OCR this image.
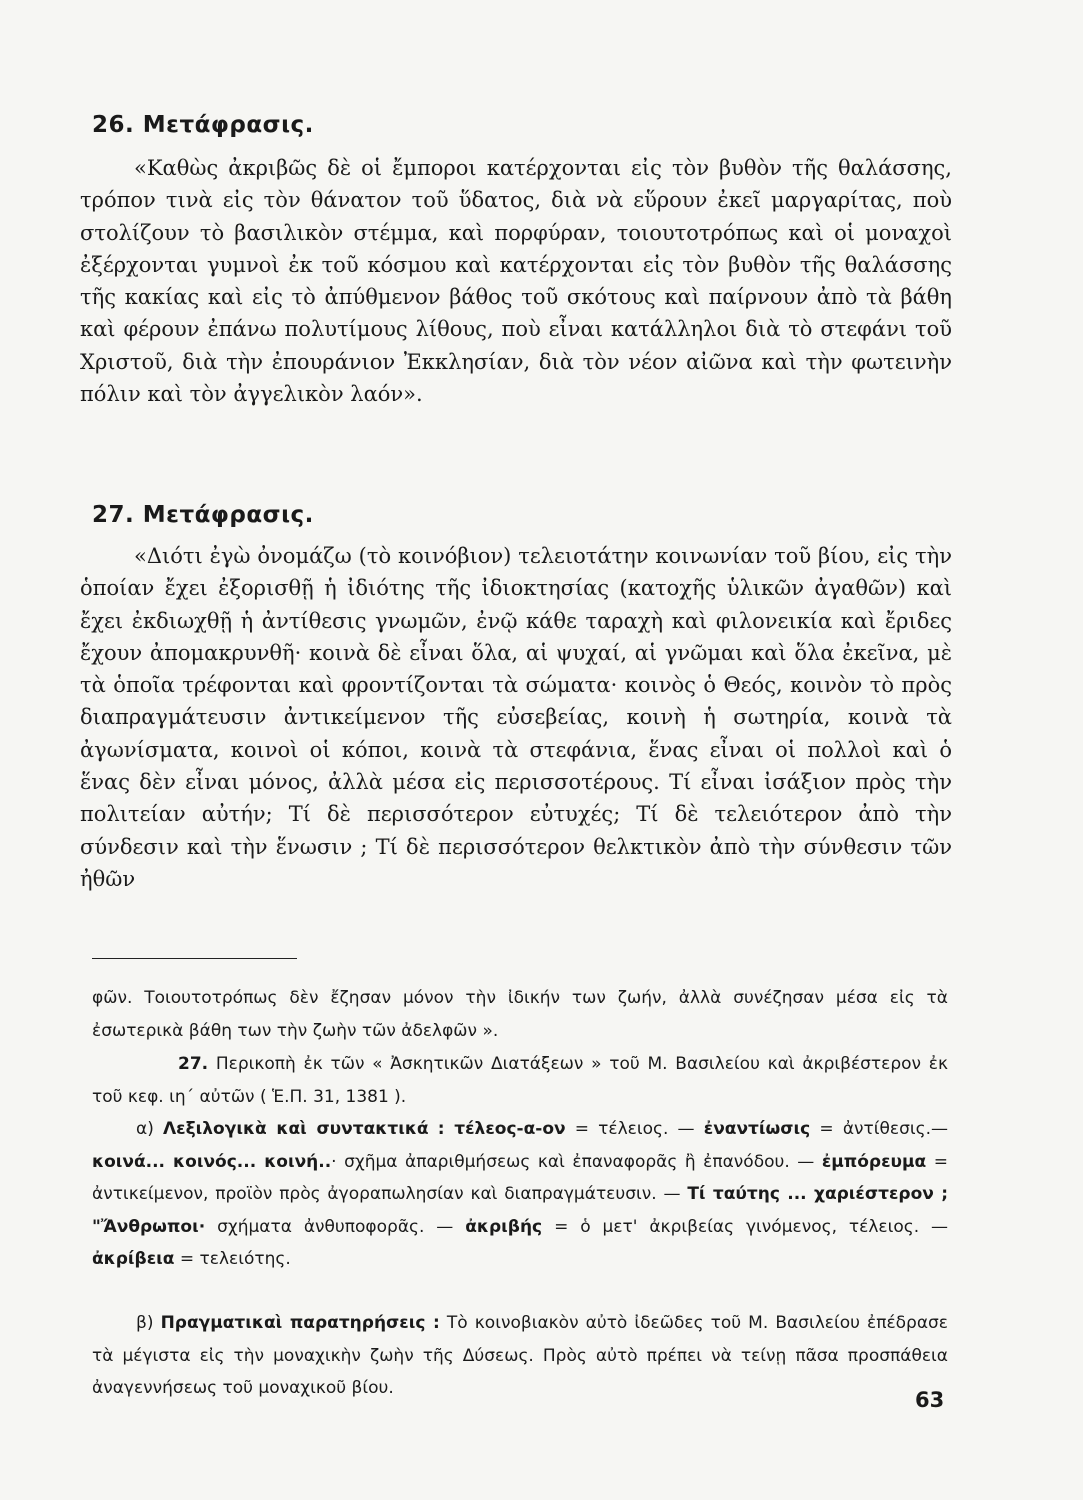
26. Μετάφρασις.

«Καθὼς ἀκριβῶς δὲ οἱ ἔμποροι κατέρχονται εἰς τὸν βυθὸν τῆς θαλάσσης, τρόπον τινὰ εἰς τὸν θάνατον τοῦ ὕδατος, διὰ νὰ εὕρουν ἐκεῖ μαργαρίτας, ποὺ στολίζουν τὸ βασιλικὸν στέμμα, καὶ πορφύραν, τοιουτοτρόπως καὶ οἱ μοναχοὶ ἐξέρχονται γυμνοὶ ἐκ τοῦ κόσμου καὶ κατέρχονται εἰς τὸν βυθὸν τῆς θαλάσσης τῆς κακίας καὶ εἰς τὸ ἀπύθμενον βάθος τοῦ σκότους καὶ παίρνουν ἀπὸ τὰ βάθη καὶ φέρουν ἐπάνω πολυτίμους λίθους, ποὺ εἶναι κατάλληλοι διὰ τὸ στεφάνι τοῦ Χριστοῦ, διὰ τὴν ἐπουράνιον Ἐκκλησίαν, διὰ τὸν νέον αἰῶνα καὶ τὴν φωτεινὴν πόλιν καὶ τὸν ἀγγελικὸν λαόν».

27. Μετάφρασις.

«Διότι ἐγὼ ὀνομάζω (τὸ κοινόβιον) τελειοτάτην κοινωνίαν τοῦ βίου, εἰς τὴν ὁποίαν ἔχει ἐξορισθῇ ἡ ἰδιότης τῆς ἰδιοκτησίας (κατοχῆς ὑλικῶν ἀγαθῶν) καὶ ἔχει ἐκδιωχθῇ ἡ ἀντίθεσις γνωμῶν, ἐνῷ κάθε ταραχὴ καὶ φιλονεικία καὶ ἔριδες ἔχουν ἀπομακρυνθῆ· κοινὰ δὲ εἶναι ὅλα, αἱ ψυχαί, αἱ γνῶμαι καὶ ὅλα ἐκεῖνα, μὲ τὰ ὁποῖα τρέφονται καὶ φροντίζονται τὰ σώματα· κοινὸς ὁ Θεός, κοινὸν τὸ πρὸς διαπραγμάτευσιν ἀντικείμενον τῆς εὐσεβείας, κοινὴ ἡ σωτηρία, κοινὰ τὰ ἀγωνίσματα, κοινοὶ οἱ κόποι, κοινὰ τὰ στεφάνια, ἕνας εἶναι οἱ πολλοὶ καὶ ὁ ἕνας δὲν εἶναι μόνος, ἀλλὰ μέσα εἰς περισσοτέρους. Τί εἶναι ἰσάξιον πρὸς τὴν πολιτείαν αὐτήν; Τί δὲ περισσότερον εὐτυχές; Τί δὲ τελειότερον ἀπὸ τὴν σύνδεσιν καὶ τὴν ἕνωσιν ; Τί δὲ περισσότερον θελκτικὸν ἀπὸ τὴν σύνθεσιν τῶν ἠθῶν

φῶν. Τοιουτοτρόπως δὲν ἔζησαν μόνον τὴν ἰδικήν των ζωήν, ἀλλὰ συνέζησαν μέσα εἰς τὰ ἐσωτερικὰ βάθη των τὴν ζωὴν τῶν ἀδελφῶν ».

27. Περικοπὴ ἐκ τῶν « Ἀσκητικῶν Διατάξεων » τοῦ Μ. Βασιλείου καὶ ἀκριβέστερον ἐκ τοῦ κεφ. ιη΄ αὐτῶν ( Ἑ.Π. 31, 1381 ).

α) Λεξιλογικὰ καὶ συντακτικά : τέλεος-α-ον = τέλειος. — ἐναντίωσις = ἀντίθεσις.— κοινά... κοινός... κοινή..· σχῆμα ἀπαριθμήσεως καὶ ἐπαναφορᾶς ἢ ἐπανόδου. — ἐμπόρευμα = ἀντικείμενον, προϊὸν πρὸς ἀγοραπωλησίαν καὶ διαπραγμάτευσιν. — Τί ταύτης ... χαριέστερον ; "Ἄνθρωποι· σχήματα ἀνθυποφορᾶς. — ἀκριβής = ὁ μετ' ἀκριβείας γινόμενος, τέλειος. — ἀκρίβεια = τελειότης.

β) Πραγματικαὶ παρατηρήσεις : Τὸ κοινοβιακὸν αὐτὸ ἰδεῶδες τοῦ Μ. Βασιλείου ἐπέδρασε τὰ μέγιστα εἰς τὴν μοναχικὴν ζωὴν τῆς Δύσεως. Πρὸς αὐτὸ πρέπει νὰ τείνῃ πᾶσα προσπάθεια ἀναγεννήσεως τοῦ μοναχικοῦ βίου.	63
